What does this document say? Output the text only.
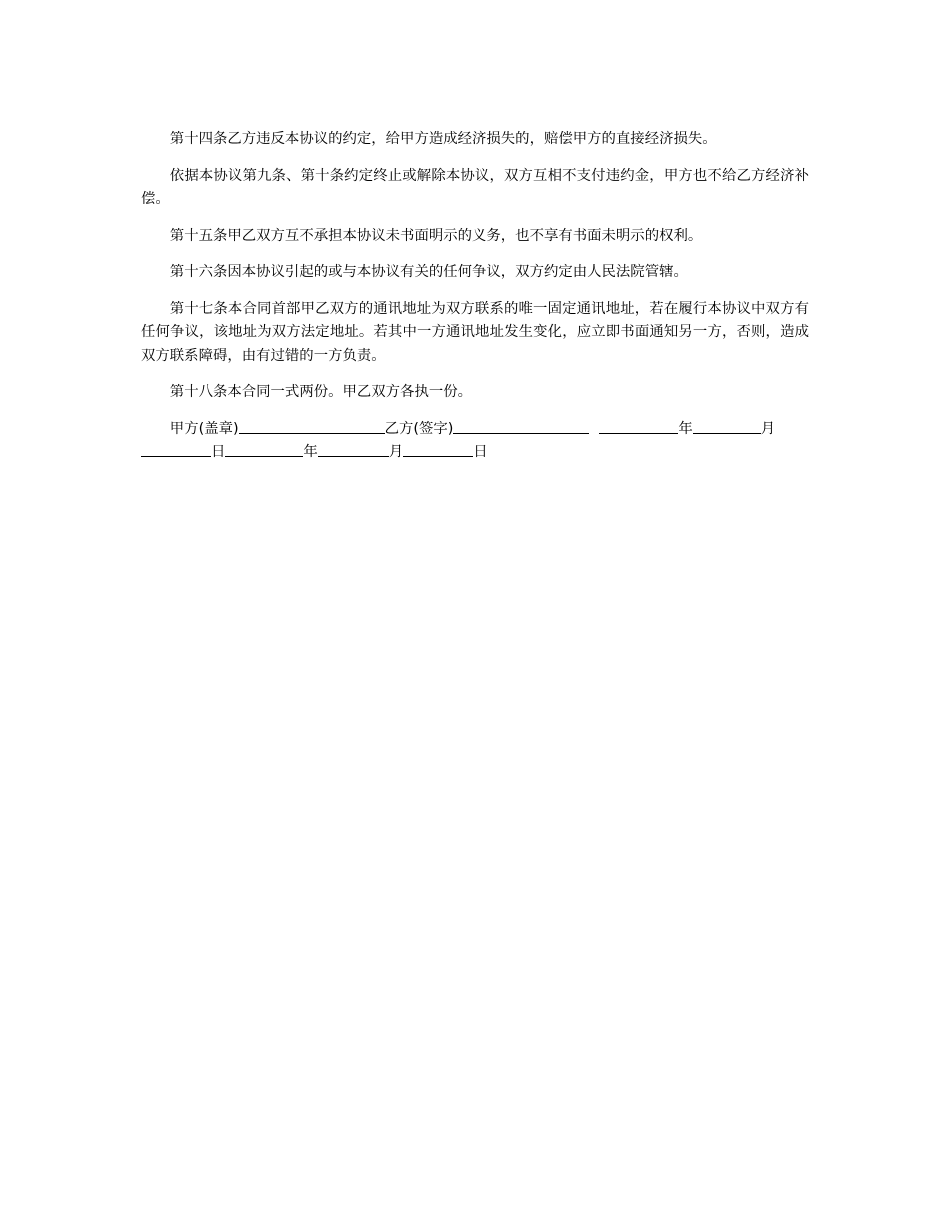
第十四条乙方违反本协议的约定，给甲方造成经济损失的，赔偿甲方的直接经济损失。

依据本协议第九条、第十条约定终止或解除本协议，双方互相不支付违约金，甲方也不给乙方经济补偿。

第十五条甲乙双方互不承担本协议未书面明示的义务，也不享有书面未明示的权利。

第十六条因本协议引起的或与本协议有关的任何争议，双方约定由人民法院管辖。

第十七条本合同首部甲乙双方的通讯地址为双方联系的唯一固定通讯地址，若在履行本协议中双方有任何争议，该地址为双方法定地址。若其中一方通讯地址发生变化，应立即书面通知另一方，否则，造成双方联系障碍，由有过错的一方负责。

第十八条本合同一式两份。甲乙双方各执一份。

甲方(盖章)	乙方(签字)	年	月日	年	月	日
